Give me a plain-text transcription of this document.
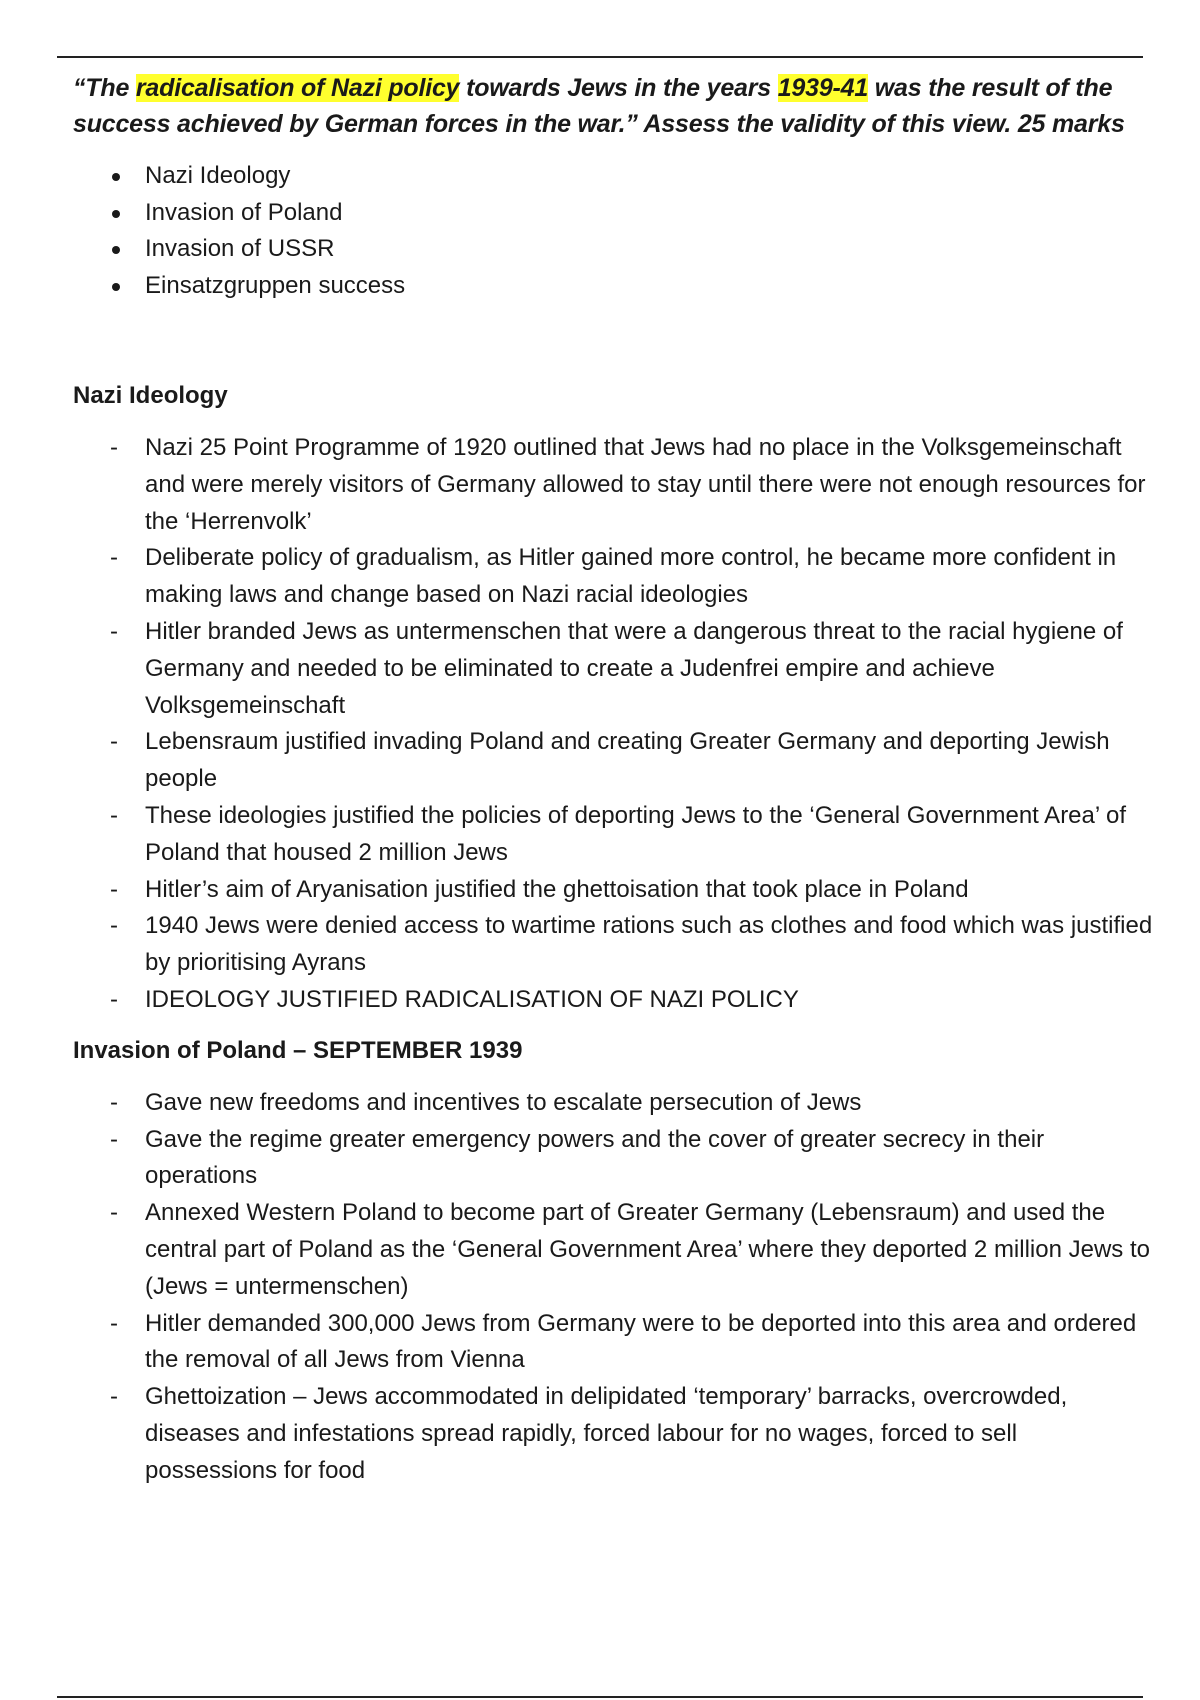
“The radicalisation of Nazi policy towards Jews in the years 1939-41 was the result of the success achieved by German forces in the war.” Assess the validity of this view. 25 marks

Nazi Ideology
Invasion of Poland
Invasion of USSR
Einsatzgruppen success
Nazi Ideology
- Nazi 25 Point Programme of 1920 outlined that Jews had no place in the Volksgemeinschaft and were merely visitors of Germany allowed to stay until there were not enough resources for the ‘Herrenvolk’
- Deliberate policy of gradualism, as Hitler gained more control, he became more confident in making laws and change based on Nazi racial ideologies
- Hitler branded Jews as untermenschen that were a dangerous threat to the racial hygiene of Germany and needed to be eliminated to create a Judenfrei empire and achieve Volksgemeinschaft
- Lebensraum justified invading Poland and creating Greater Germany and deporting Jewish people
- These ideologies justified the policies of deporting Jews to the ‘General Government Area’ of Poland that housed 2 million Jews
- Hitler’s aim of Aryanisation justified the ghettoisation that took place in Poland
- 1940 Jews were denied access to wartime rations such as clothes and food which was justified by prioritising Ayrans
- IDEOLOGY JUSTIFIED RADICALISATION OF NAZI POLICY
Invasion of Poland – SEPTEMBER 1939
- Gave new freedoms and incentives to escalate persecution of Jews
- Gave the regime greater emergency powers and the cover of greater secrecy in their operations
- Annexed Western Poland to become part of Greater Germany (Lebensraum) and used the central part of Poland as the ‘General Government Area’ where they deported 2 million Jews to (Jews = untermenschen)
- Hitler demanded 300,000 Jews from Germany were to be deported into this area and ordered the removal of all Jews from Vienna
- Ghettoization – Jews accommodated in delipidated ‘temporary’ barracks, overcrowded, diseases and infestations spread rapidly, forced labour for no wages, forced to sell possessions for food
